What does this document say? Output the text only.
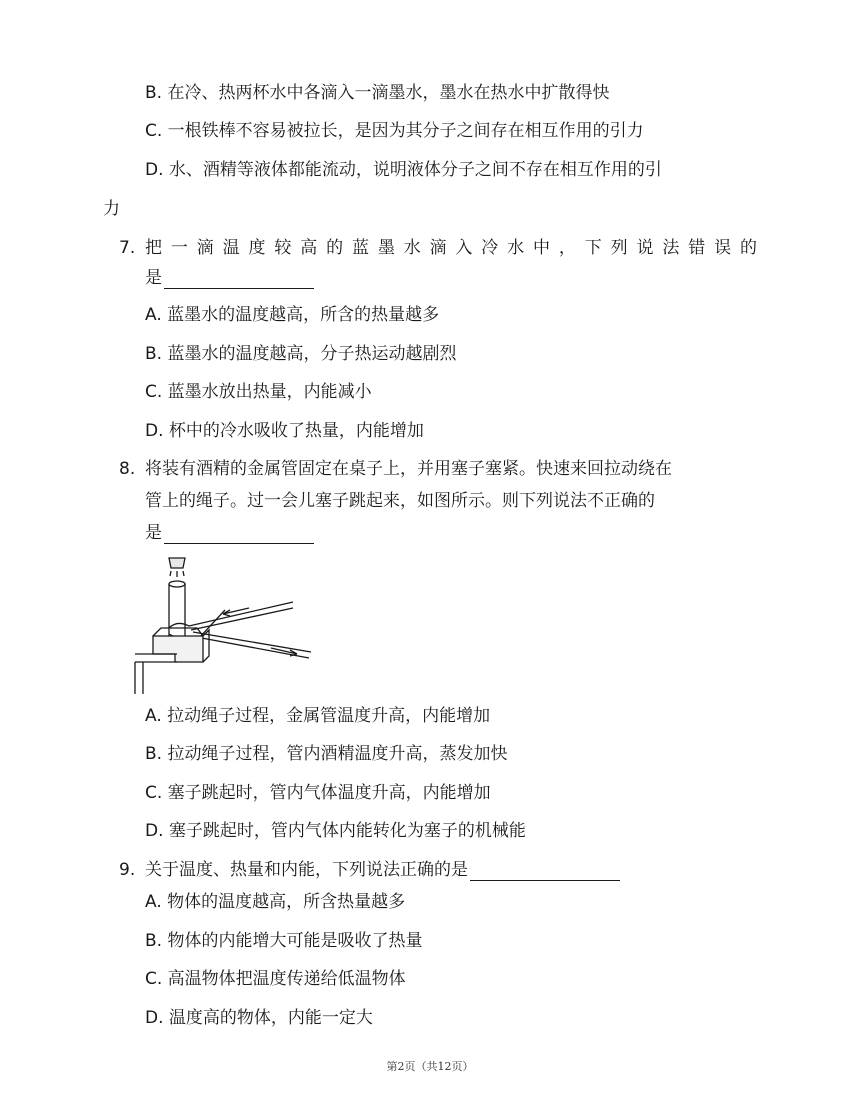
B. 在冷、热两杯水中各滴入一滴墨水，墨水在热水中扩散得快
C. 一根铁棒不容易被拉长，是因为其分子之间存在相互作用的引力
D. 水、酒精等液体都能流动，说明液体分子之间不存在相互作用的引
力
7. 把一滴温度较高的蓝墨水滴入冷水中，下列说法错误的
是
A. 蓝墨水的温度越高，所含的热量越多
B. 蓝墨水的温度越高，分子热运动越剧烈
C. 蓝墨水放出热量，内能减小
D. 杯中的冷水吸收了热量，内能增加
8. 将装有酒精的金属管固定在桌子上，并用塞子塞紧。快速来回拉动绕在
管上的绳子。过一会儿塞子跳起来，如图所示。则下列说法不正确的
是
A. 拉动绳子过程，金属管温度升高，内能增加
B. 拉动绳子过程，管内酒精温度升高，蒸发加快
C. 塞子跳起时，管内气体温度升高，内能增加
D. 塞子跳起时，管内气体内能转化为塞子的机械能
9. 关于温度、热量和内能，下列说法正确的是
A. 物体的温度越高，所含热量越多
B. 物体的内能增大可能是吸收了热量
C. 高温物体把温度传递给低温物体
D. 温度高的物体，内能一定大
第2页（共12页）
